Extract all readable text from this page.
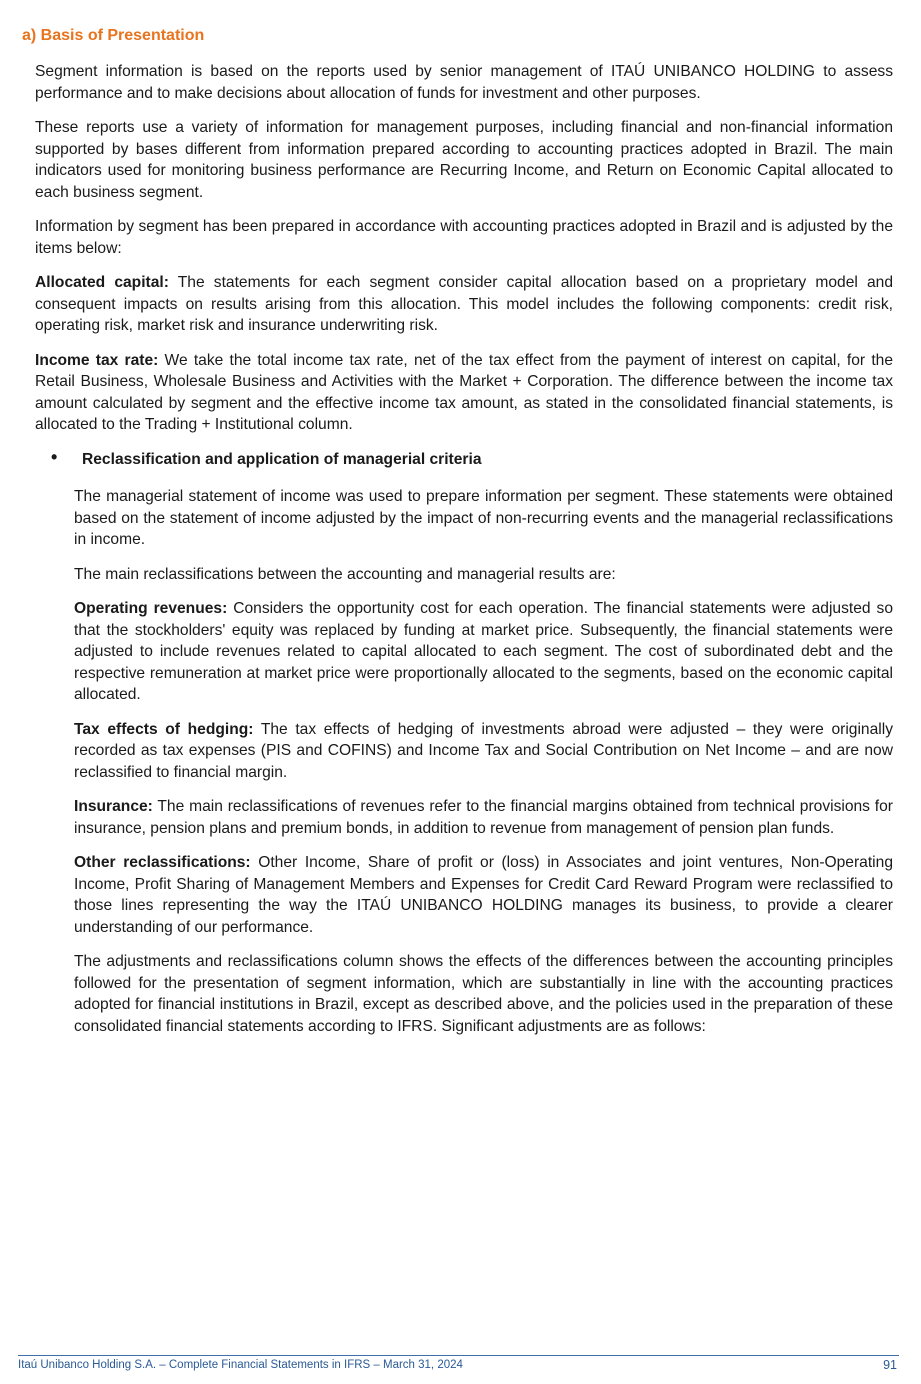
a) Basis of Presentation

Segment information is based on the reports used by senior management of ITAÚ UNIBANCO HOLDING to assess performance and to make decisions about allocation of funds for investment and other purposes.

These reports use a variety of information for management purposes, including financial and non-financial information supported by bases different from information prepared according to accounting practices adopted in Brazil. The main indicators used for monitoring business performance are Recurring Income, and Return on Economic Capital allocated to each business segment.

Information by segment has been prepared in accordance with accounting practices adopted in Brazil and is adjusted by the items below:

Allocated capital: The statements for each segment consider capital allocation based on a proprietary model and consequent impacts on results arising from this allocation. This model includes the following components: credit risk, operating risk, market risk and insurance underwriting risk.

Income tax rate: We take the total income tax rate, net of the tax effect from the payment of interest on capital, for the Retail Business, Wholesale Business and Activities with the Market + Corporation. The difference between the income tax amount calculated by segment and the effective income tax amount, as stated in the consolidated financial statements, is allocated to the Trading + Institutional column.

• Reclassification and application of managerial criteria

The managerial statement of income was used to prepare information per segment. These statements were obtained based on the statement of income adjusted by the impact of non-recurring events and the managerial reclassifications in income.

The main reclassifications between the accounting and managerial results are:

Operating revenues: Considers the opportunity cost for each operation. The financial statements were adjusted so that the stockholders' equity was replaced by funding at market price. Subsequently, the financial statements were adjusted to include revenues related to capital allocated to each segment. The cost of subordinated debt and the respective remuneration at market price were proportionally allocated to the segments, based on the economic capital allocated.

Tax effects of hedging: The tax effects of hedging of investments abroad were adjusted – they were originally recorded as tax expenses (PIS and COFINS) and Income Tax and Social Contribution on Net Income – and are now reclassified to financial margin.

Insurance: The main reclassifications of revenues refer to the financial margins obtained from technical provisions for insurance, pension plans and premium bonds, in addition to revenue from management of pension plan funds.

Other reclassifications: Other Income, Share of profit or (loss) in Associates and joint ventures, Non-Operating Income, Profit Sharing of Management Members and Expenses for Credit Card Reward Program were reclassified to those lines representing the way the ITAÚ UNIBANCO HOLDING manages its business, to provide a clearer understanding of our performance.

The adjustments and reclassifications column shows the effects of the differences between the accounting principles followed for the presentation of segment information, which are substantially in line with the accounting practices adopted for financial institutions in Brazil, except as described above, and the policies used in the preparation of these consolidated financial statements according to IFRS. Significant adjustments are as follows:

Itaú Unibanco Holding S.A. – Complete Financial Statements in IFRS – March 31, 2024	91
